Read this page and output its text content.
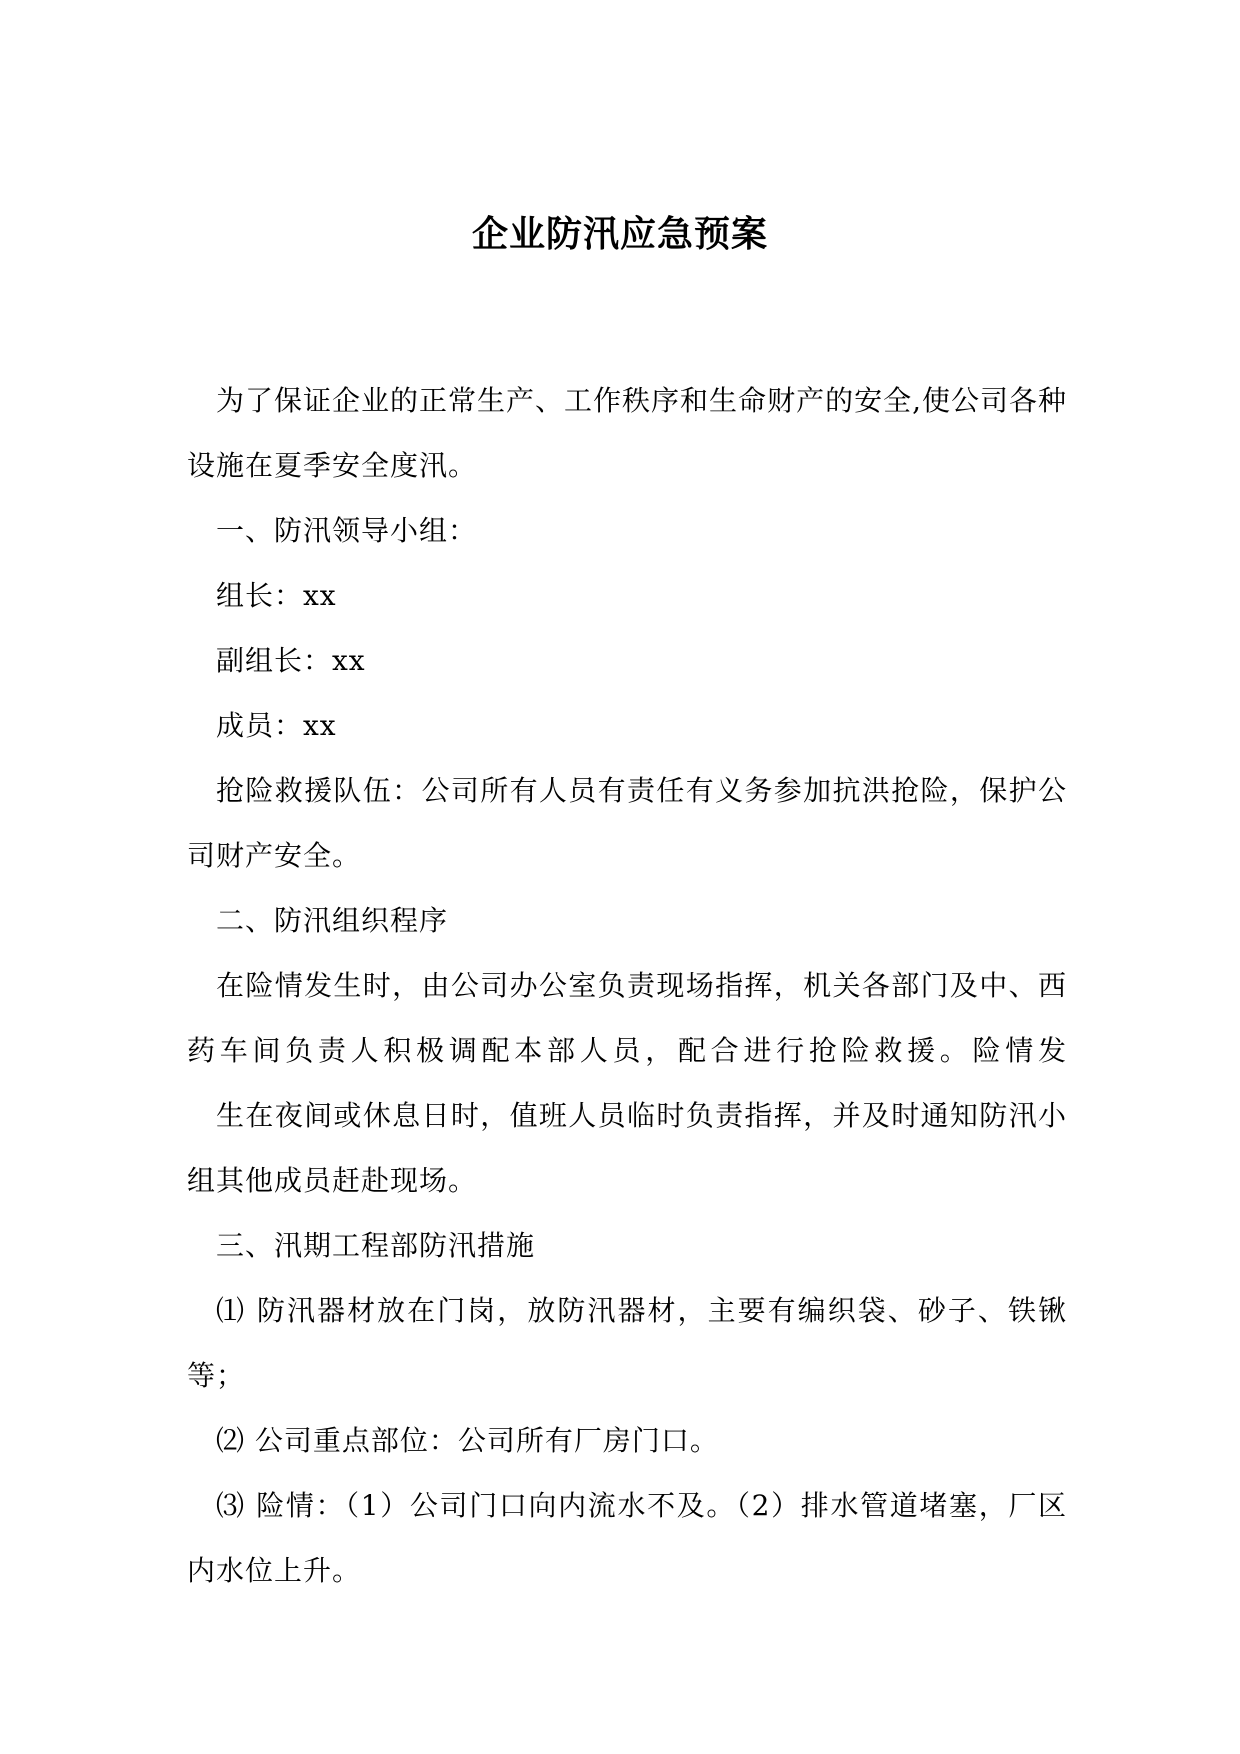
企业防汛应急预案

为了保证企业的正常生产、工作秩序和生命财产的安全,使公司各种设施在夏季安全度汛。

一、防汛领导小组：

组长：xx

副组长：xx

成员：xx

抢险救援队伍：公司所有人员有责任有义务参加抗洪抢险，保护公司财产安全。

二、防汛组织程序

在险情发生时，由公司办公室负责现场指挥，机关各部门及中、西药车间负责人积极调配本部人员，配合进行抢险救援。险情发

生在夜间或休息日时，值班人员临时负责指挥，并及时通知防汛小组其他成员赶赴现场。

三、汛期工程部防汛措施

⑴ 防汛器材放在门岗，放防汛器材，主要有编织袋、砂子、铁锹等；

⑵ 公司重点部位：公司所有厂房门口。

⑶ 险情：（1）公司门口向内流水不及。（2）排水管道堵塞，厂区内水位上升。
